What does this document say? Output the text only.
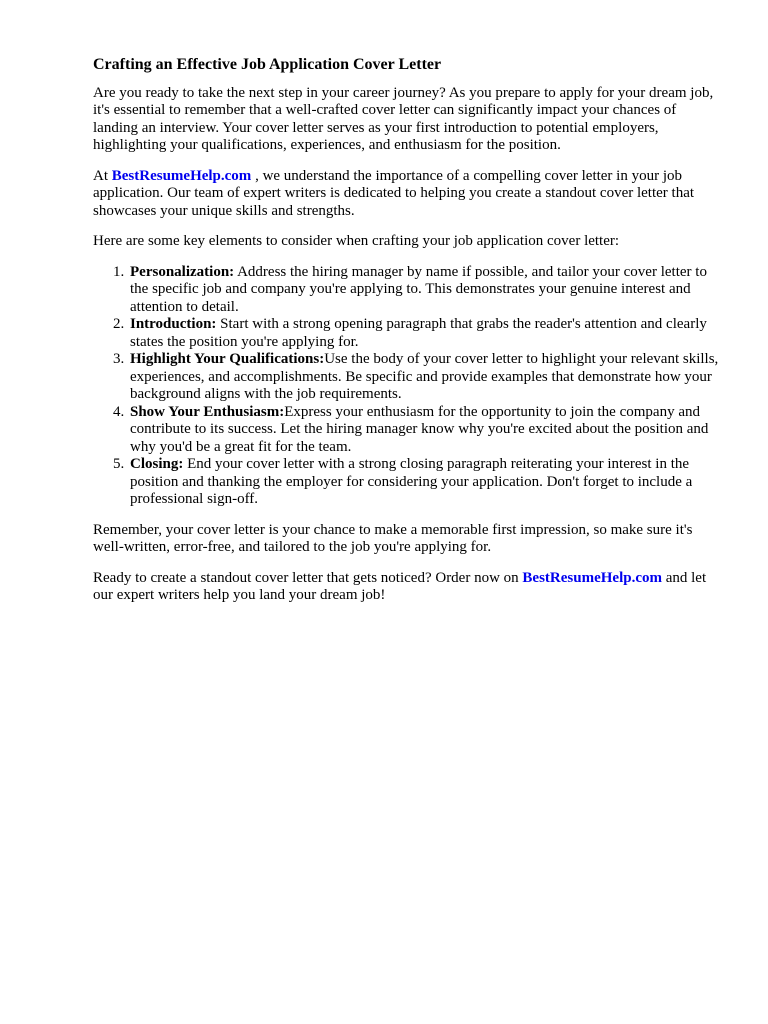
Crafting an Effective Job Application Cover Letter

Are you ready to take the next step in your career journey? As you prepare to apply for your dream job, it's essential to remember that a well-crafted cover letter can significantly impact your chances of landing an interview. Your cover letter serves as your first introduction to potential employers, highlighting your qualifications, experiences, and enthusiasm for the position.

At BestResumeHelp.com , we understand the importance of a compelling cover letter in your job application. Our team of expert writers is dedicated to helping you create a standout cover letter that showcases your unique skills and strengths.

Here are some key elements to consider when crafting your job application cover letter:

1. Personalization: Address the hiring manager by name if possible, and tailor your cover letter to the specific job and company you're applying to. This demonstrates your genuine interest and attention to detail.
2. Introduction: Start with a strong opening paragraph that grabs the reader's attention and clearly states the position you're applying for.
3. Highlight Your Qualifications:Use the body of your cover letter to highlight your relevant skills, experiences, and accomplishments. Be specific and provide examples that demonstrate how your background aligns with the job requirements.
4. Show Your Enthusiasm:Express your enthusiasm for the opportunity to join the company and contribute to its success. Let the hiring manager know why you're excited about the position and why you'd be a great fit for the team.
5. Closing: End your cover letter with a strong closing paragraph reiterating your interest in the position and thanking the employer for considering your application. Don't forget to include a professional sign-off.

Remember, your cover letter is your chance to make a memorable first impression, so make sure it's well-written, error-free, and tailored to the job you're applying for.

Ready to create a standout cover letter that gets noticed? Order now on BestResumeHelp.com and let our expert writers help you land your dream job!
